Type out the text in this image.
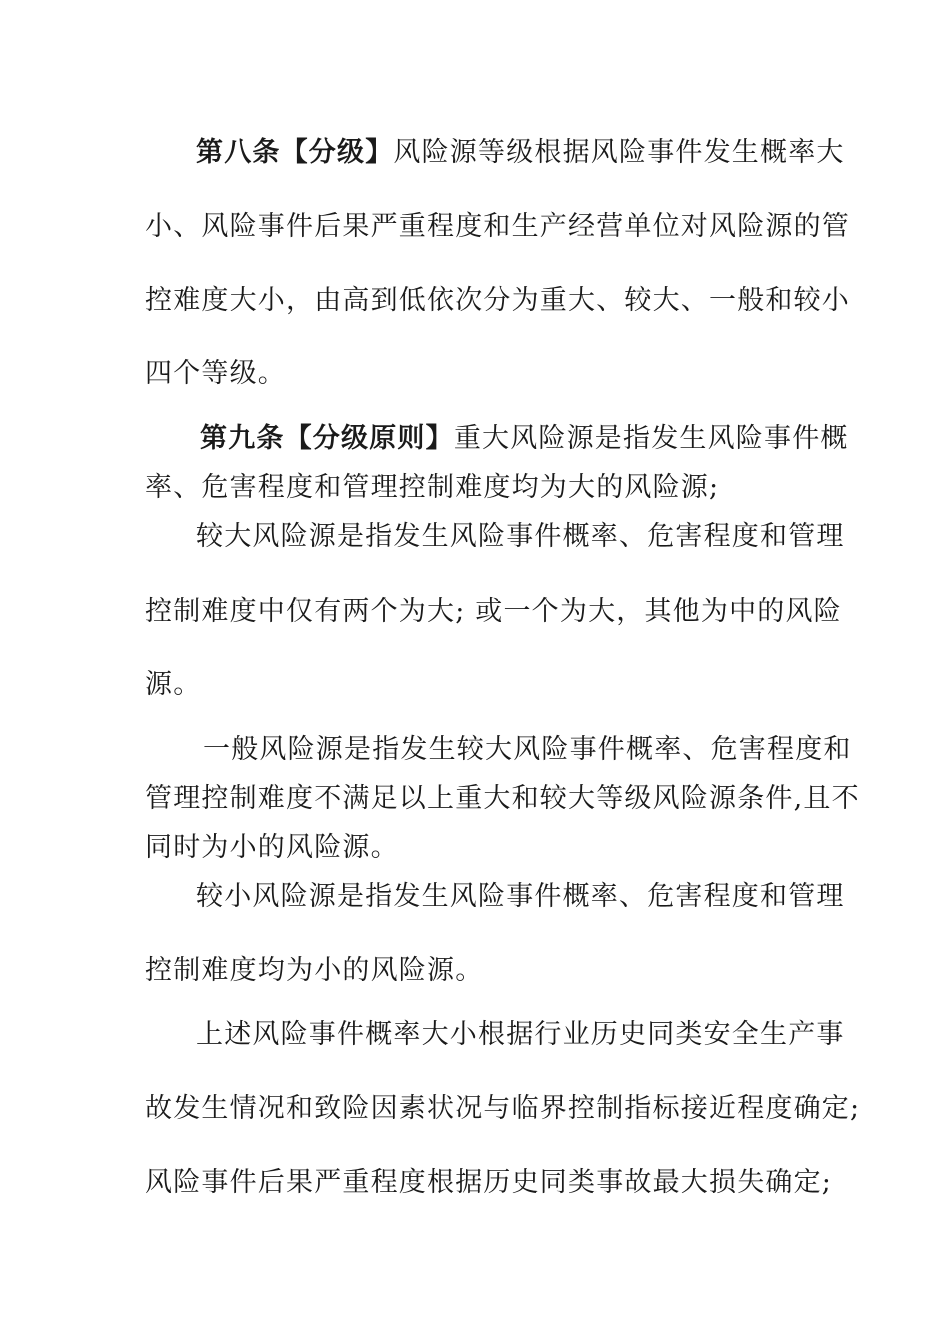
第八条【分级】风险源等级根据风险事件发生概率大
小、风险事件后果严重程度和生产经营单位对风险源的管
控难度大小，由高到低依次分为重大、较大、一般和较小
四个等级。
第九条【分级原则】重大风险源是指发生风险事件概
率、危害程度和管理控制难度均为大的风险源;
较大风险源是指发生风险事件概率、危害程度和管理
控制难度中仅有两个为大; 或一个为大，其他为中的风险
源。
一般风险源是指发生较大风险事件概率、危害程度和
管理控制难度不满足以上重大和较大等级风险源条件,且不
同时为小的风险源。
较小风险源是指发生风险事件概率、危害程度和管理
控制难度均为小的风险源。
上述风险事件概率大小根据行业历史同类安全生产事
故发生情况和致险因素状况与临界控制指标接近程度确定;
风险事件后果严重程度根据历史同类事故最大损失确定;
